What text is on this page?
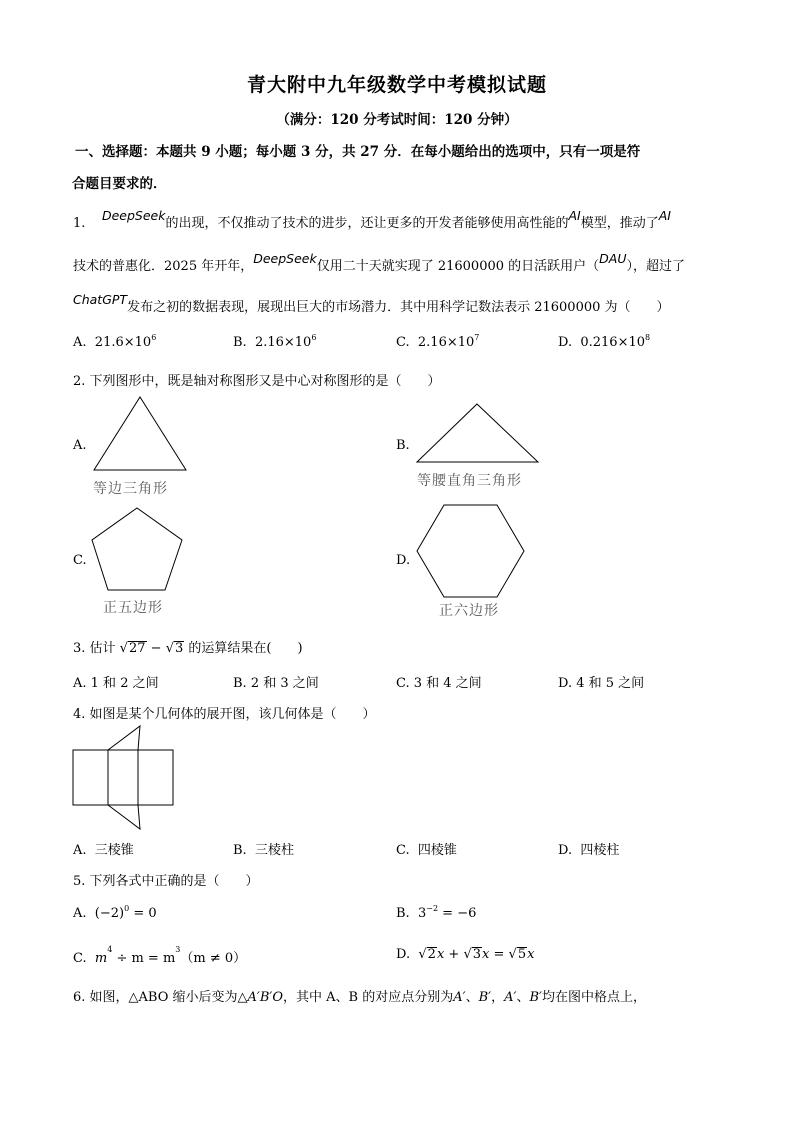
青大附中九年级数学中考模拟试题
（满分：120 分考试时间：120 分钟）
一、选择题：本题共 9 小题；每小题 3 分，共 27 分．在每小题给出的选项中，只有一项是符
合题目要求的．
1.    DeepSeek的出现，不仅推动了技术的进步，还让更多的开发者能够使用高性能的AI模型，推动了AI
技术的普惠化．2025 年开年，DeepSeek仅用二十天就实现了 21600000 的日活跃用户（DAU），超过了
ChatGPT发布之初的数据表现，展现出巨大的市场潜力．其中用科学记数法表示 21600000 为（　　）
A. $21.6\times 10^6$	B. $2.16\times 10^6$	C. $2.16\times 10^7$	D. $0.216\times 10^8$
2. 下列图形中，既是轴对称图形又是中心对称图形的是（　　）
A.
等边三角形
B.
等腰直角三角形
C.
正五边形
D.
正六边形
3. 估计 √27 − √3 的运算结果在(　　)
A. 1 和 2 之间	B. 2 和 3 之间	C. 3 和 4 之间	D. 4 和 5 之间
4. 如图是某个几何体的展开图，该几何体是（　　）
A. 三棱锥	B. 三棱柱	C. 四棱锥	D. 四棱柱
5. 下列各式中正确的是（　　）
A. $(-2)^0 = 0$	B. $3^{-2} = -6$
C. $m^4 \div m = m^3(m \ne 0)$	D.  √2x + √3x = √5x
6. 如图，△ABO 缩小后变为△A′B′O，其中 A、B 的对应点分别为A′、B′，A′、B′均在图中格点上，
